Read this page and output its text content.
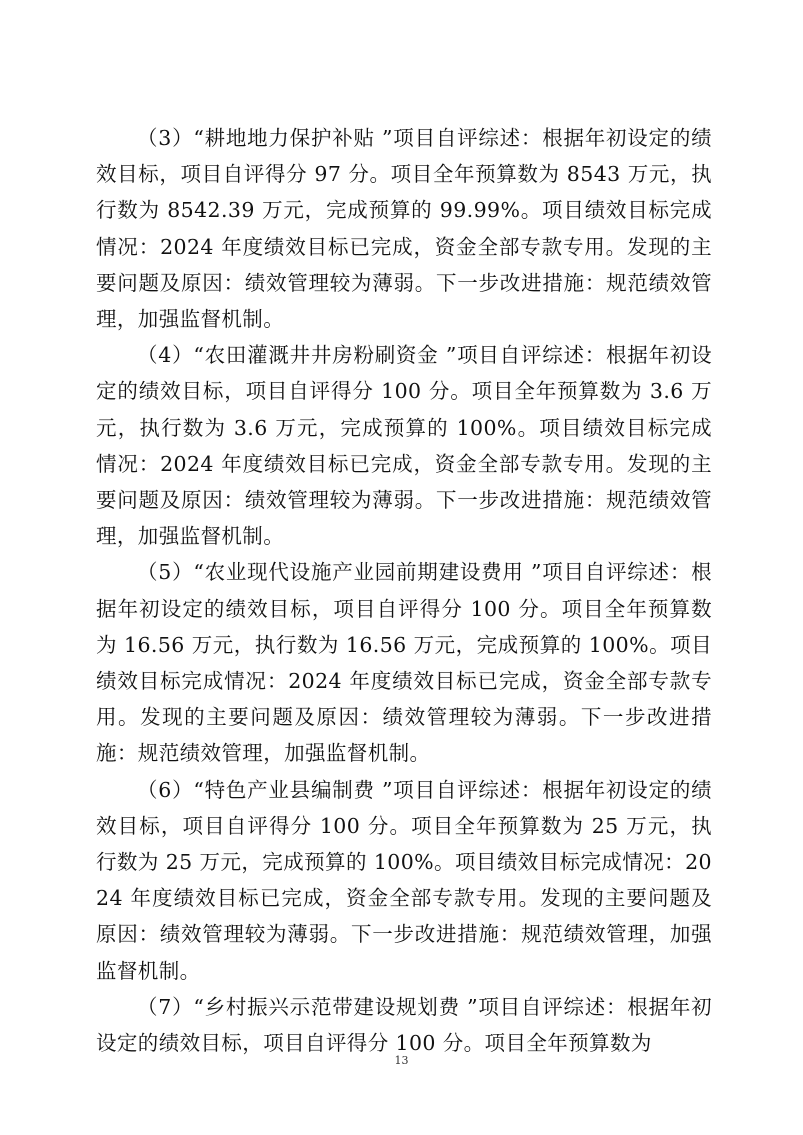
（3）“耕地地力保护补贴 ”项目自评综述：根据年初设定的绩效目标，项目自评得分 97 分。项目全年预算数为 8543 万元，执行数为 8542.39 万元，完成预算的 99.99%。项目绩效目标完成情况：2024 年度绩效目标已完成，资金全部专款专用。发现的主要问题及原因：绩效管理较为薄弱。下一步改进措施：规范绩效管理，加强监督机制。

（4）“农田灌溉井井房粉刷资金 ”项目自评综述：根据年初设定的绩效目标，项目自评得分 100 分。项目全年预算数为 3.6 万元，执行数为 3.6 万元，完成预算的 100%。项目绩效目标完成情况：2024 年度绩效目标已完成，资金全部专款专用。发现的主要问题及原因：绩效管理较为薄弱。下一步改进措施：规范绩效管理，加强监督机制。

（5）“农业现代设施产业园前期建设费用 ”项目自评综述：根据年初设定的绩效目标，项目自评得分 100 分。项目全年预算数为 16.56 万元，执行数为 16.56 万元，完成预算的 100%。项目绩效目标完成情况：2024 年度绩效目标已完成，资金全部专款专用。发现的主要问题及原因：绩效管理较为薄弱。下一步改进措施：规范绩效管理，加强监督机制。

（6）“特色产业县编制费 ”项目自评综述：根据年初设定的绩效目标，项目自评得分 100 分。项目全年预算数为 25 万元，执行数为 25 万元，完成预算的 100%。项目绩效目标完成情况：2024 年度绩效目标已完成，资金全部专款专用。发现的主要问题及原因：绩效管理较为薄弱。下一步改进措施：规范绩效管理，加强监督机制。

（7）“乡村振兴示范带建设规划费 ”项目自评综述：根据年初设定的绩效目标，项目自评得分 100 分。项目全年预算数为

13
